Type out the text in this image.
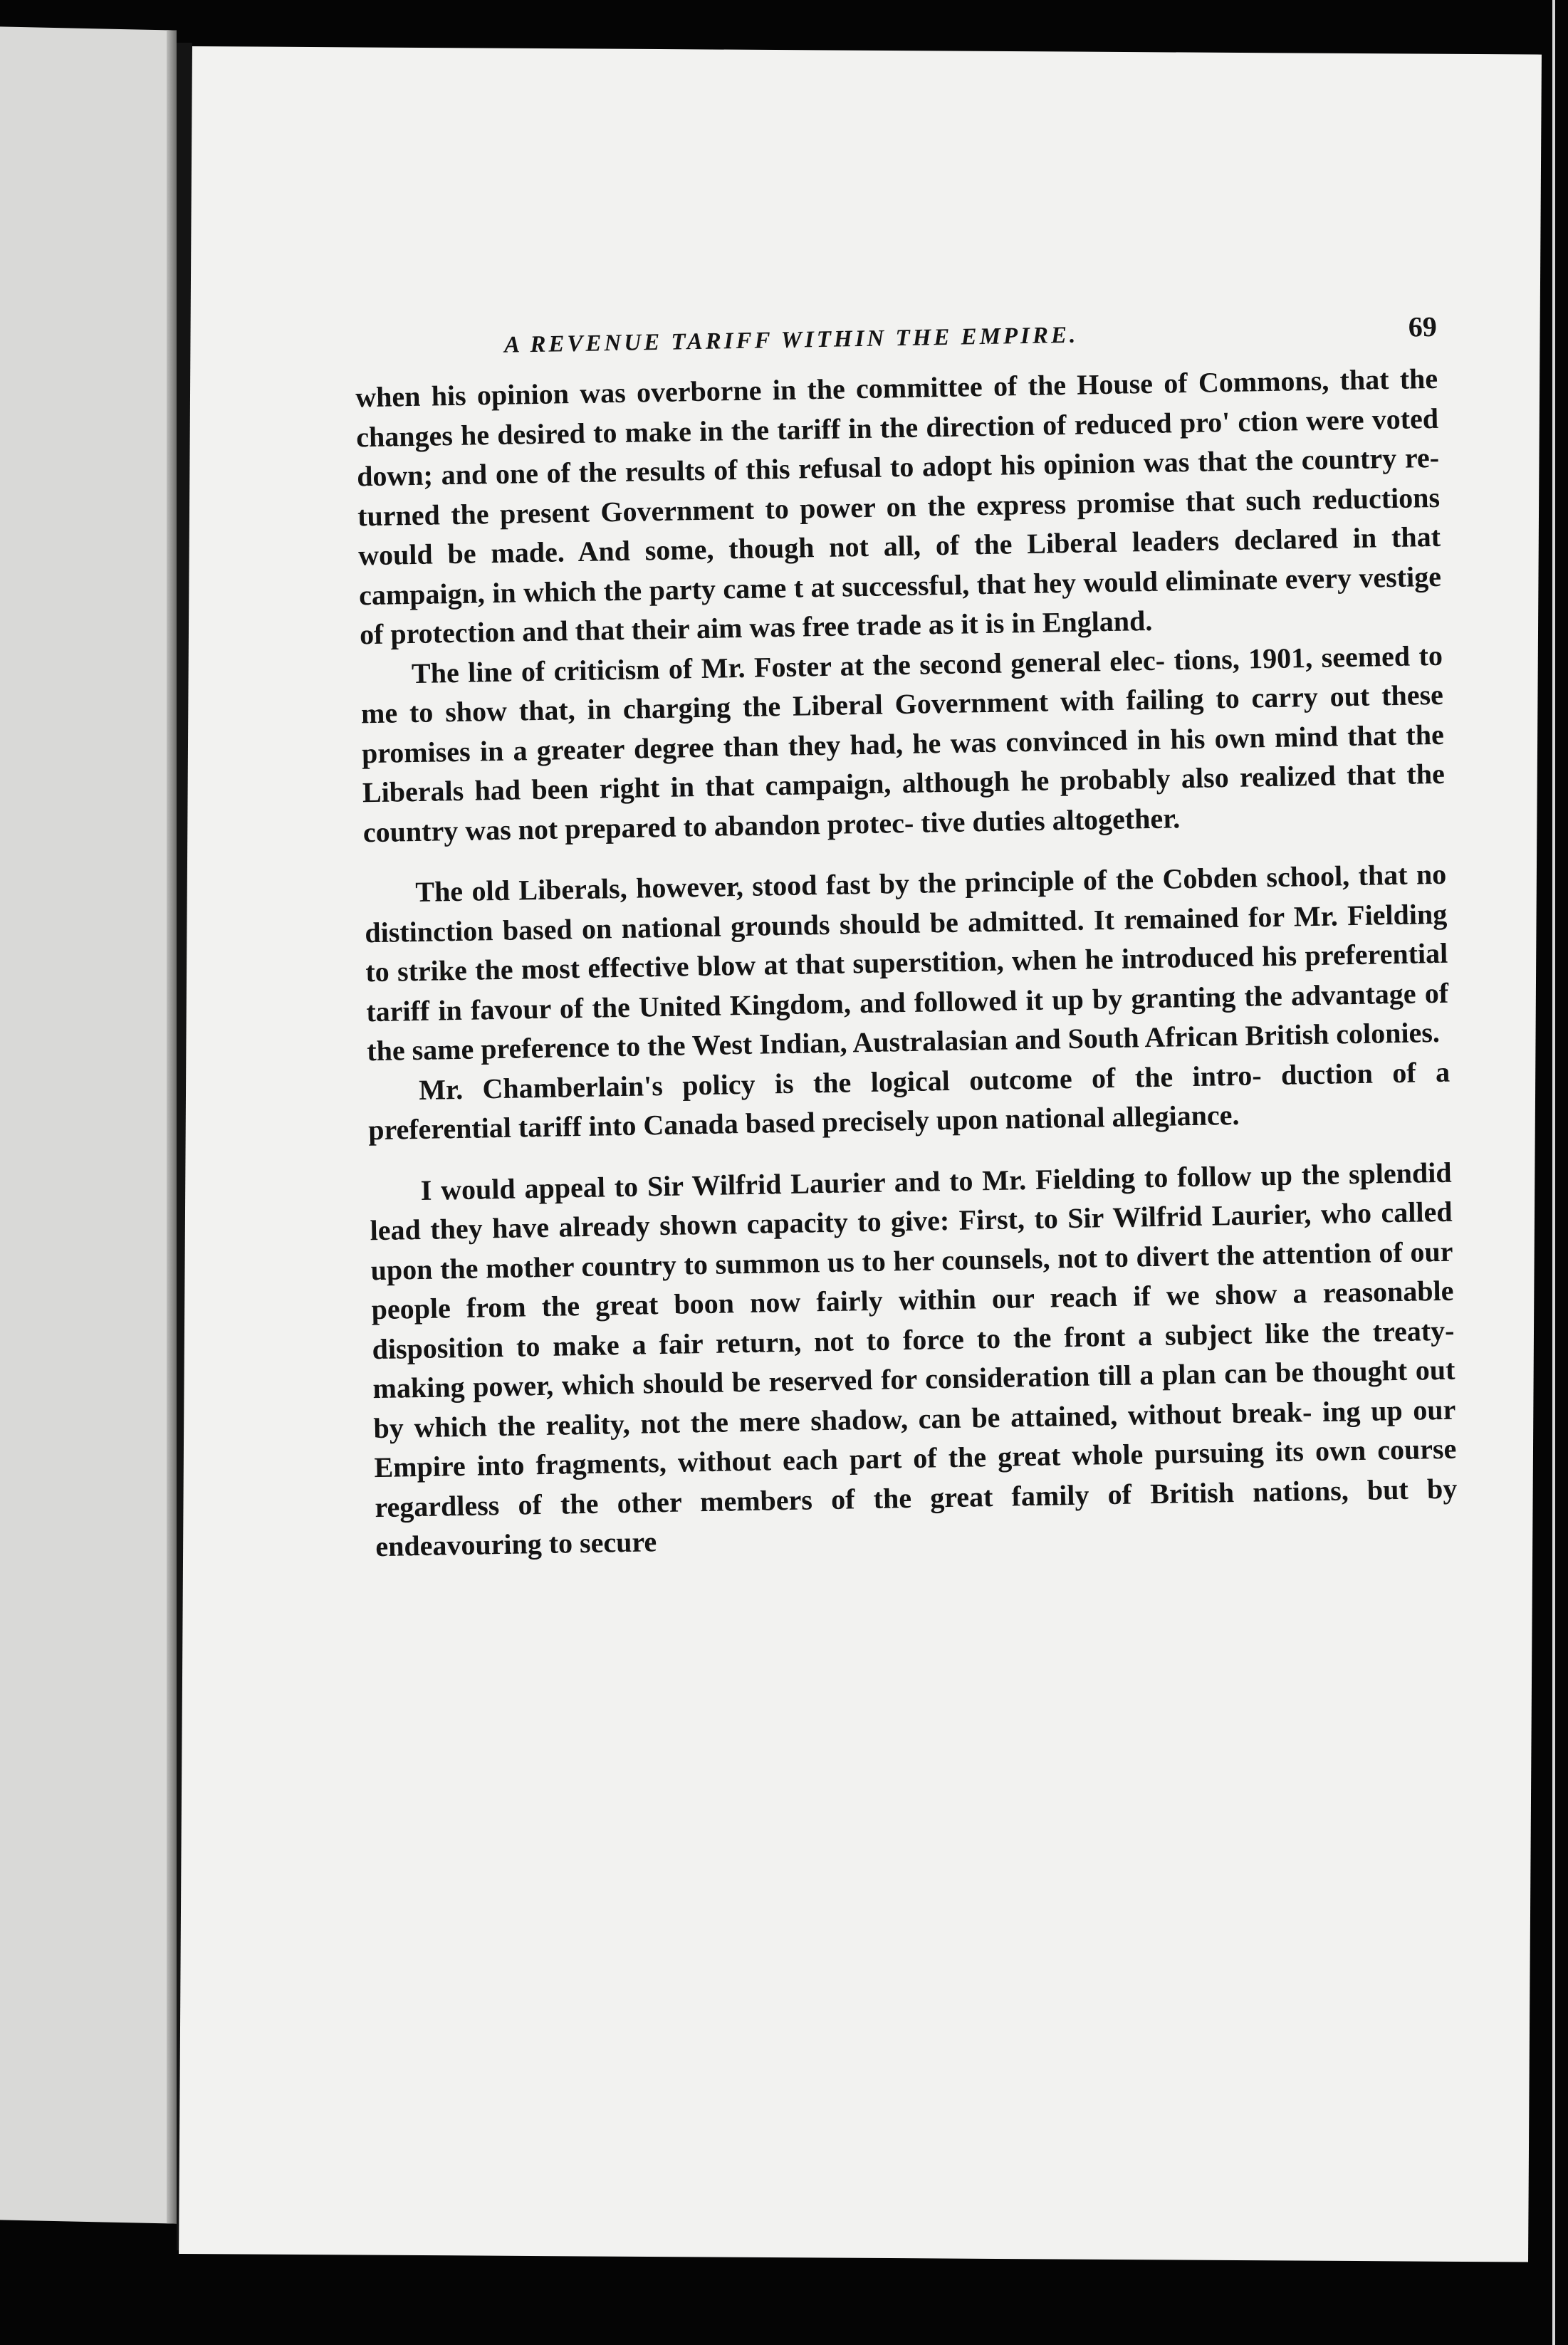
A REVENUE TARIFF WITHIN THE EMPIRE.	69

when his opinion was overborne in the committee of the House of Commons, that the changes he desired to make in the tariff in the direction of reduced pro' ction were voted down; and one of the results of this refusal to adopt his opinion was that the country re- turned the present Government to power on the express promise that such reductions would be made. And some, though not all, of the Liberal leaders declared in that campaign, in which the party came t at successful, that hey would eliminate every vestige of protection and that their aim was free trade as it is in England.

The line of criticism of Mr. Foster at the second general elec- tions, 1901, seemed to me to show that, in charging the Liberal Government with failing to carry out these promises in a greater degree than they had, he was convinced in his own mind that the Liberals had been right in that campaign, although he probably also realized that the country was not prepared to abandon protec- tive duties altogether.

The old Liberals, however, stood fast by the principle of the Cobden school, that no distinction based on national grounds should be admitted. It remained for Mr. Fielding to strike the most effective blow at that superstition, when he introduced his preferential tariff in favour of the United Kingdom, and followed it up by granting the advantage of the same preference to the West Indian, Australasian and South African British colonies.

Mr. Chamberlain's policy is the logical outcome of the intro- duction of a preferential tariff into Canada based precisely upon national allegiance.

I would appeal to Sir Wilfrid Laurier and to Mr. Fielding to follow up the splendid lead they have already shown capacity to give: First, to Sir Wilfrid Laurier, who called upon the mother country to summon us to her counsels, not to divert the attention of our people from the great boon now fairly within our reach if we show a reasonable disposition to make a fair return, not to force to the front a subject like the treaty-making power, which should be reserved for consideration till a plan can be thought out by which the reality, not the mere shadow, can be attained, without break- ing up our Empire into fragments, without each part of the great whole pursuing its own course regardless of the other members of the great family of British nations, but by endeavouring to secure
